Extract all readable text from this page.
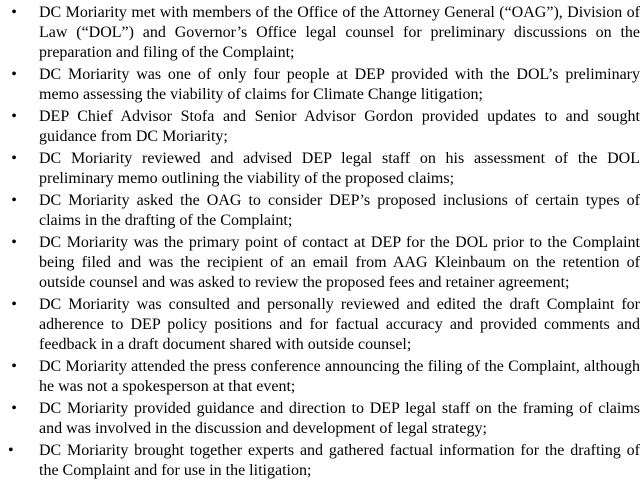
• DC Moriarity met with members of the Office of the Attorney General (“OAG”), Division of Law (“DOL”) and Governor’s Office legal counsel for preliminary discussions on the preparation and filing of the Complaint;
• DC Moriarity was one of only four people at DEP provided with the DOL’s preliminary memo assessing the viability of claims for Climate Change litigation;
• DEP Chief Advisor Stofa and Senior Advisor Gordon provided updates to and sought guidance from DC Moriarity;
• DC Moriarity reviewed and advised DEP legal staff on his assessment of the DOL preliminary memo outlining the viability of the proposed claims;
• DC Moriarity asked the OAG to consider DEP’s proposed inclusions of certain types of claims in the drafting of the Complaint;
• DC Moriarity was the primary point of contact at DEP for the DOL prior to the Complaint being filed and was the recipient of an email from AAG Kleinbaum on the retention of outside counsel and was asked to review the proposed fees and retainer agreement;
• DC Moriarity was consulted and personally reviewed and edited the draft Complaint for adherence to DEP policy positions and for factual accuracy and provided comments and feedback in a draft document shared with outside counsel;
• DC Moriarity attended the press conference announcing the filing of the Complaint, although he was not a spokesperson at that event;
• DC Moriarity provided guidance and direction to DEP legal staff on the framing of claims and was involved in the discussion and development of legal strategy;
•	DC Moriarity brought together experts and gathered factual information for the drafting of the Complaint and for use in the litigation;
